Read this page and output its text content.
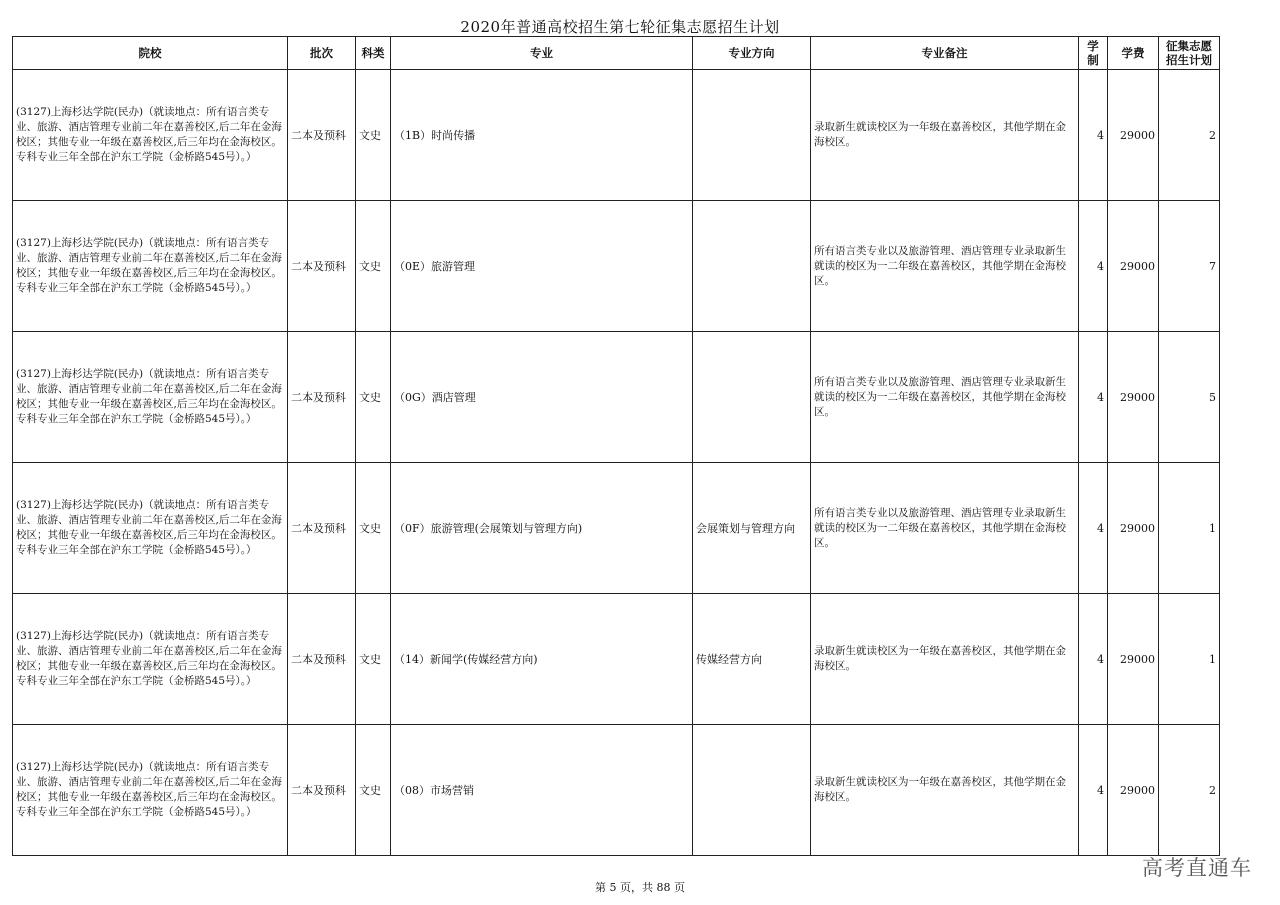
2020年普通高校招生第七轮征集志愿招生计划
院校	批次	科类	专业	专业方向	专业备注	学制	学费	征集志愿
招生计划
(3127)上海杉达学院(民办)（就读地点：所有语言类专业、旅游、酒店管理专业前二年在嘉善校区,后二年在金海校区；其他专业一年级在嘉善校区,后三年均在金海校区。专科专业三年全部在沪东工学院（金桥路545号）。）	二本及预科	文史	（1B）时尚传播		录取新生就读校区为一年级在嘉善校区，其他学期在金海校区。	4	29000	2
(3127)上海杉达学院(民办)（就读地点：所有语言类专业、旅游、酒店管理专业前二年在嘉善校区,后二年在金海校区；其他专业一年级在嘉善校区,后三年均在金海校区。专科专业三年全部在沪东工学院（金桥路545号）。）	二本及预科	文史	（0E）旅游管理		所有语言类专业以及旅游管理、酒店管理专业录取新生就读的校区为一二年级在嘉善校区，其他学期在金海校区。	4	29000	7
(3127)上海杉达学院(民办)（就读地点：所有语言类专业、旅游、酒店管理专业前二年在嘉善校区,后二年在金海校区；其他专业一年级在嘉善校区,后三年均在金海校区。专科专业三年全部在沪东工学院（金桥路545号）。）	二本及预科	文史	（0G）酒店管理		所有语言类专业以及旅游管理、酒店管理专业录取新生就读的校区为一二年级在嘉善校区，其他学期在金海校区。	4	29000	5
(3127)上海杉达学院(民办)（就读地点：所有语言类专业、旅游、酒店管理专业前二年在嘉善校区,后二年在金海校区；其他专业一年级在嘉善校区,后三年均在金海校区。专科专业三年全部在沪东工学院（金桥路545号）。）	二本及预科	文史	（0F）旅游管理(会展策划与管理方向)	会展策划与管理方向	所有语言类专业以及旅游管理、酒店管理专业录取新生就读的校区为一二年级在嘉善校区，其他学期在金海校区。	4	29000	1
(3127)上海杉达学院(民办)（就读地点：所有语言类专业、旅游、酒店管理专业前二年在嘉善校区,后二年在金海校区；其他专业一年级在嘉善校区,后三年均在金海校区。专科专业三年全部在沪东工学院（金桥路545号）。）	二本及预科	文史	（14）新闻学(传媒经营方向)	传媒经营方向	录取新生就读校区为一年级在嘉善校区，其他学期在金海校区。	4	29000	1
(3127)上海杉达学院(民办)（就读地点：所有语言类专业、旅游、酒店管理专业前二年在嘉善校区,后二年在金海校区；其他专业一年级在嘉善校区,后三年均在金海校区。专科专业三年全部在沪东工学院（金桥路545号）。）	二本及预科	文史	（08）市场营销		录取新生就读校区为一年级在嘉善校区，其他学期在金海校区。	4	29000	2
第 5 页，共 88 页
高考直通车
